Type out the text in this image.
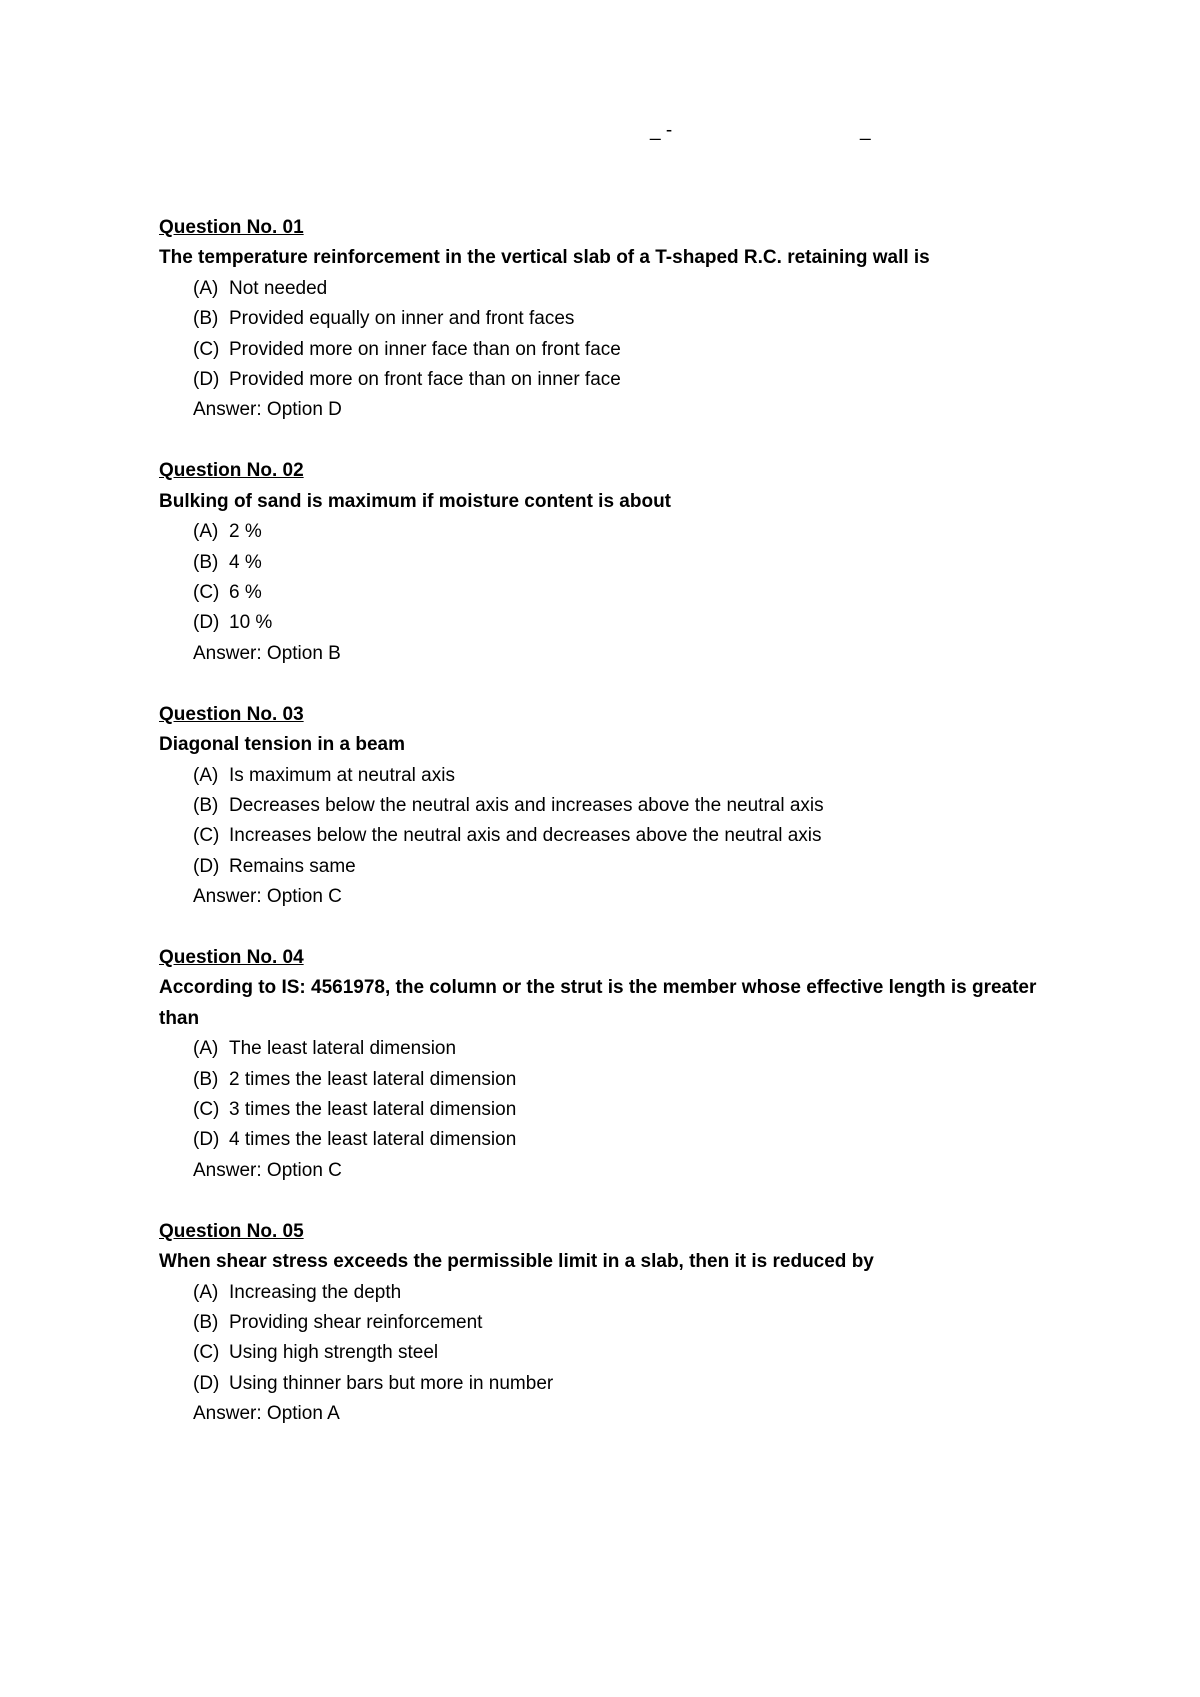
_ -	_
Question No. 01
The temperature reinforcement in the vertical slab of a T-shaped R.C. retaining wall is
(A) Not needed
(B) Provided equally on inner and front faces
(C) Provided more on inner face than on front face
(D) Provided more on front face than on inner face
Answer: Option D
Question No. 02
Bulking of sand is maximum if moisture content is about
(A) 2 %
(B) 4 %
(C) 6 %
(D) 10 %
Answer: Option B
Question No. 03
Diagonal tension in a beam
(A) Is maximum at neutral axis
(B) Decreases below the neutral axis and increases above the neutral axis
(C) Increases below the neutral axis and decreases above the neutral axis
(D) Remains same
Answer: Option C
Question No. 04
According to IS: 4561978, the column or the strut is the member whose effective length is greater than
(A) The least lateral dimension
(B) 2 times the least lateral dimension
(C) 3 times the least lateral dimension
(D) 4 times the least lateral dimension
Answer: Option C
Question No. 05
When shear stress exceeds the permissible limit in a slab, then it is reduced by
(A) Increasing the depth
(B) Providing shear reinforcement
(C) Using high strength steel
(D) Using thinner bars but more in number
Answer: Option A
